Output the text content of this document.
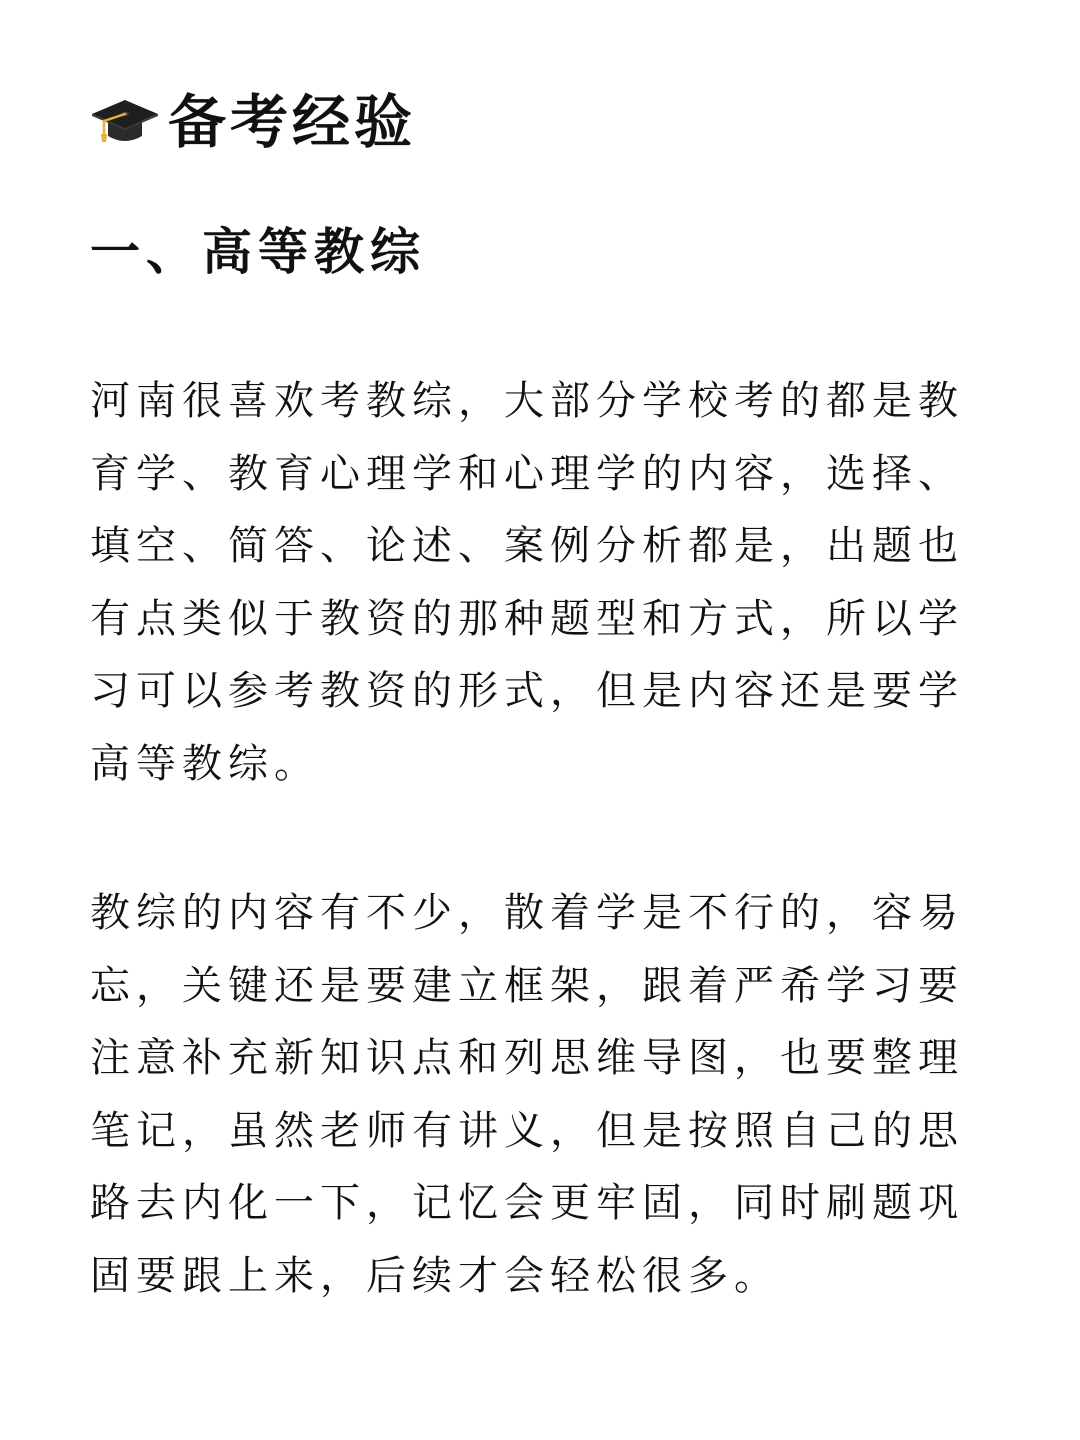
备考经验
一、高等教综

河南很喜欢考教综，大部分学校考的都是教
育学、教育心理学和心理学的内容，选择、
填空、简答、论述、案例分析都是，出题也
有点类似于教资的那种题型和方式，所以学
习可以参考教资的形式，但是内容还是要学
高等教综。

教综的内容有不少，散着学是不行的，容易
忘，关键还是要建立框架，跟着严希学习要
注意补充新知识点和列思维导图，也要整理
笔记，虽然老师有讲义，但是按照自己的思
路去内化一下，记忆会更牢固，同时刷题巩
固要跟上来，后续才会轻松很多。
